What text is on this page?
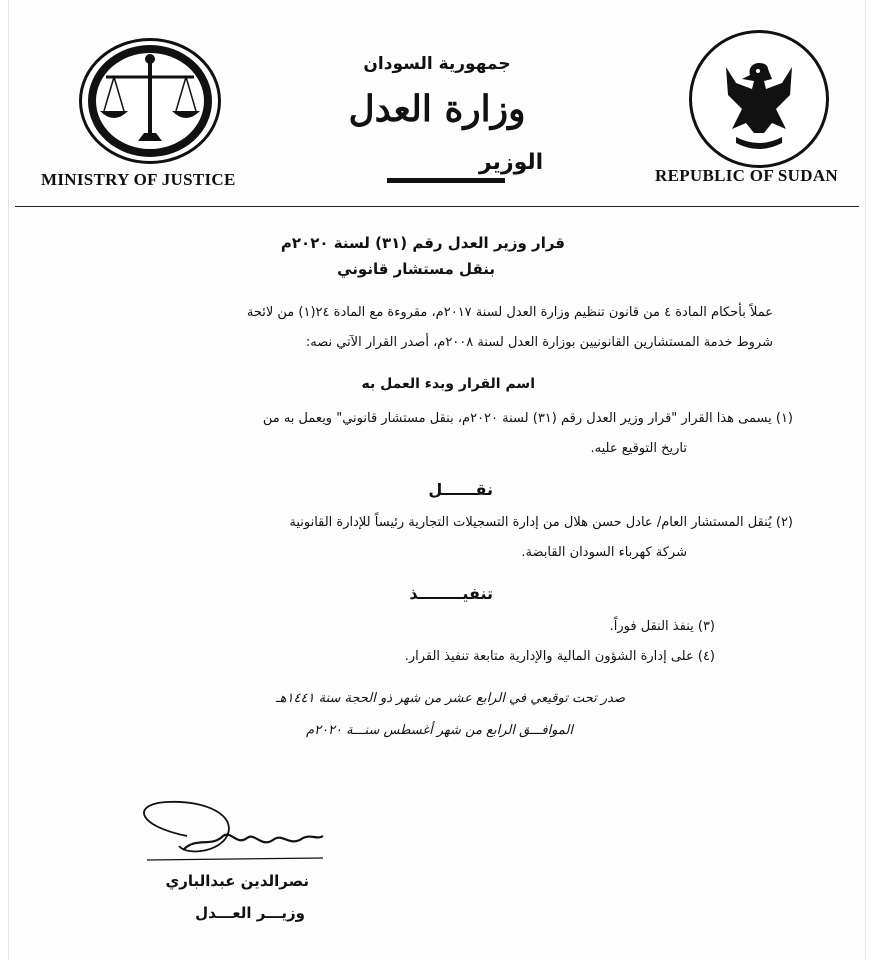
MINISTRY OF JUSTICE
جمهورية السودان
وزارة العدل
الوزير
REPUBLIC OF SUDAN
قرار وزير العدل رقم (٣١) لسنة ٢٠٢٠م
بنقل مستشار قانوني
عملاً بأحكام المادة ٤ من قانون تنظيم وزارة العدل لسنة ٢٠١٧م، مقروءة مع المادة ٢٤(١) من لائحة
شروط خدمة المستشارين القانونيين بوزارة العدل لسنة ٢٠٠٨م، أصدر القرار الآتي نصه:
اسم القرار وبدء العمل به
(١) يسمى هذا القرار "قرار وزير العدل رقم (٣١) لسنة ٢٠٢٠م، بنقل مستشار قانوني" ويعمل به من
تاريخ التوقيع عليه.
نقــــــل
(٢) يُنقل المستشار العام/ عادل حسن هلال من إدارة التسجيلات التجارية رئيساً للإدارة القانونية
شركة كهرباء السودان القابضة.
تنفيــــــــذ
(٣) ينفذ النقل فوراً.
(٤) على إدارة الشؤون المالية والإدارية متابعة تنفيذ القرار.
صدر تحت توقيعي في الرابع عشر من شهر ذو الحجة سنة ١٤٤١هـ
الموافـــق الرابع من شهر أغسطس سنـــة ٢٠٢٠م
نصرالدين عبدالباري
وزيـــر العـــدل
